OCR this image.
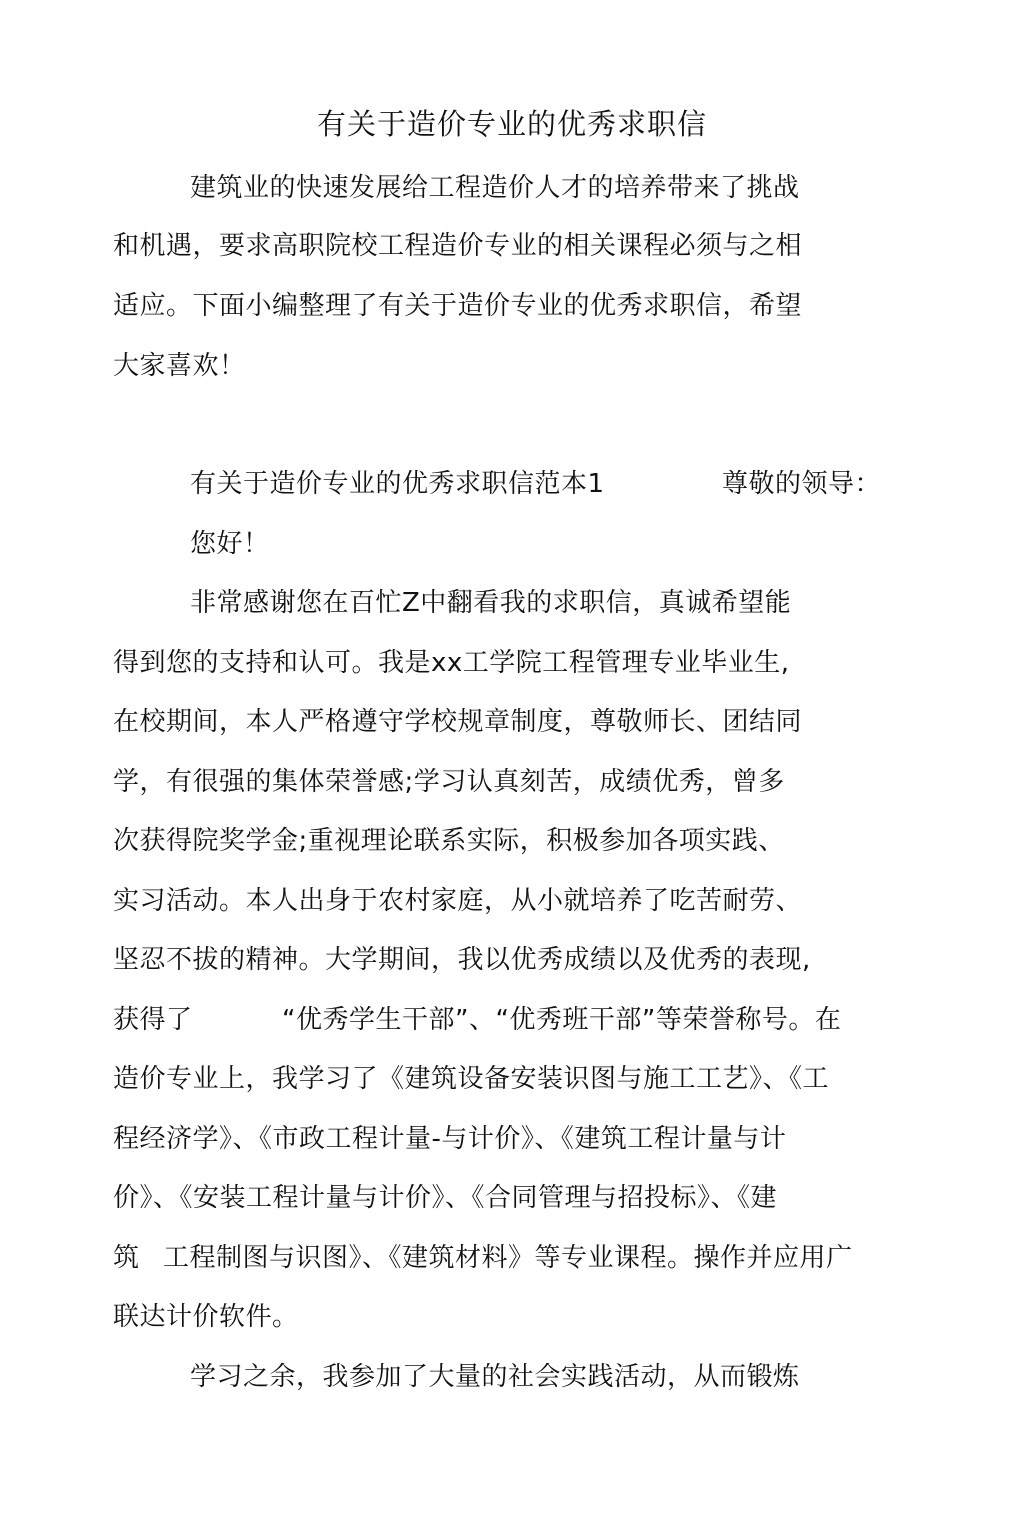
有关于造价专业的优秀求职信
建筑业的快速发展给工程造价人才的培养带来了挑战
和机遇，要求高职院校工程造价专业的相关课程必须与之相
适应。下面小编整理了有关于造价专业的优秀求职信，希望
大家喜欢！
有关于造价专业的优秀求职信范本1	尊敬的领导：
您好！
非常感谢您在百忙Z中翻看我的求职信，真诚希望能
得到您的支持和认可。我是xx工学院工程管理专业毕业生,
在校期间，本人严格遵守学校规章制度，尊敬师长、团结同
学，有很强的集体荣誉感;学习认真刻苦，成绩优秀，曾多
次获得院奖学金;重视理论联系实际，积极参加各项实践、
实习活动。本人出身于农村家庭，从小就培养了吃苦耐劳、
坚忍不拔的精神。大学期间，我以优秀成绩以及优秀的表现,
获得了	“优秀学生干部”、“优秀班干部”等荣誉称号。在
造价专业上，我学习了《建筑设备安装识图与施工工艺》、《工
程经济学》、《市政工程计量-与计价》、《建筑工程计量与计
价》、《安装工程计量与计价》、《合同管理与招投标》、《建
筑 工程制图与识图》、《建筑材料》等专业课程。操作并应用广
联达计价软件。
学习之余，我参加了大量的社会实践活动，从而锻炼
